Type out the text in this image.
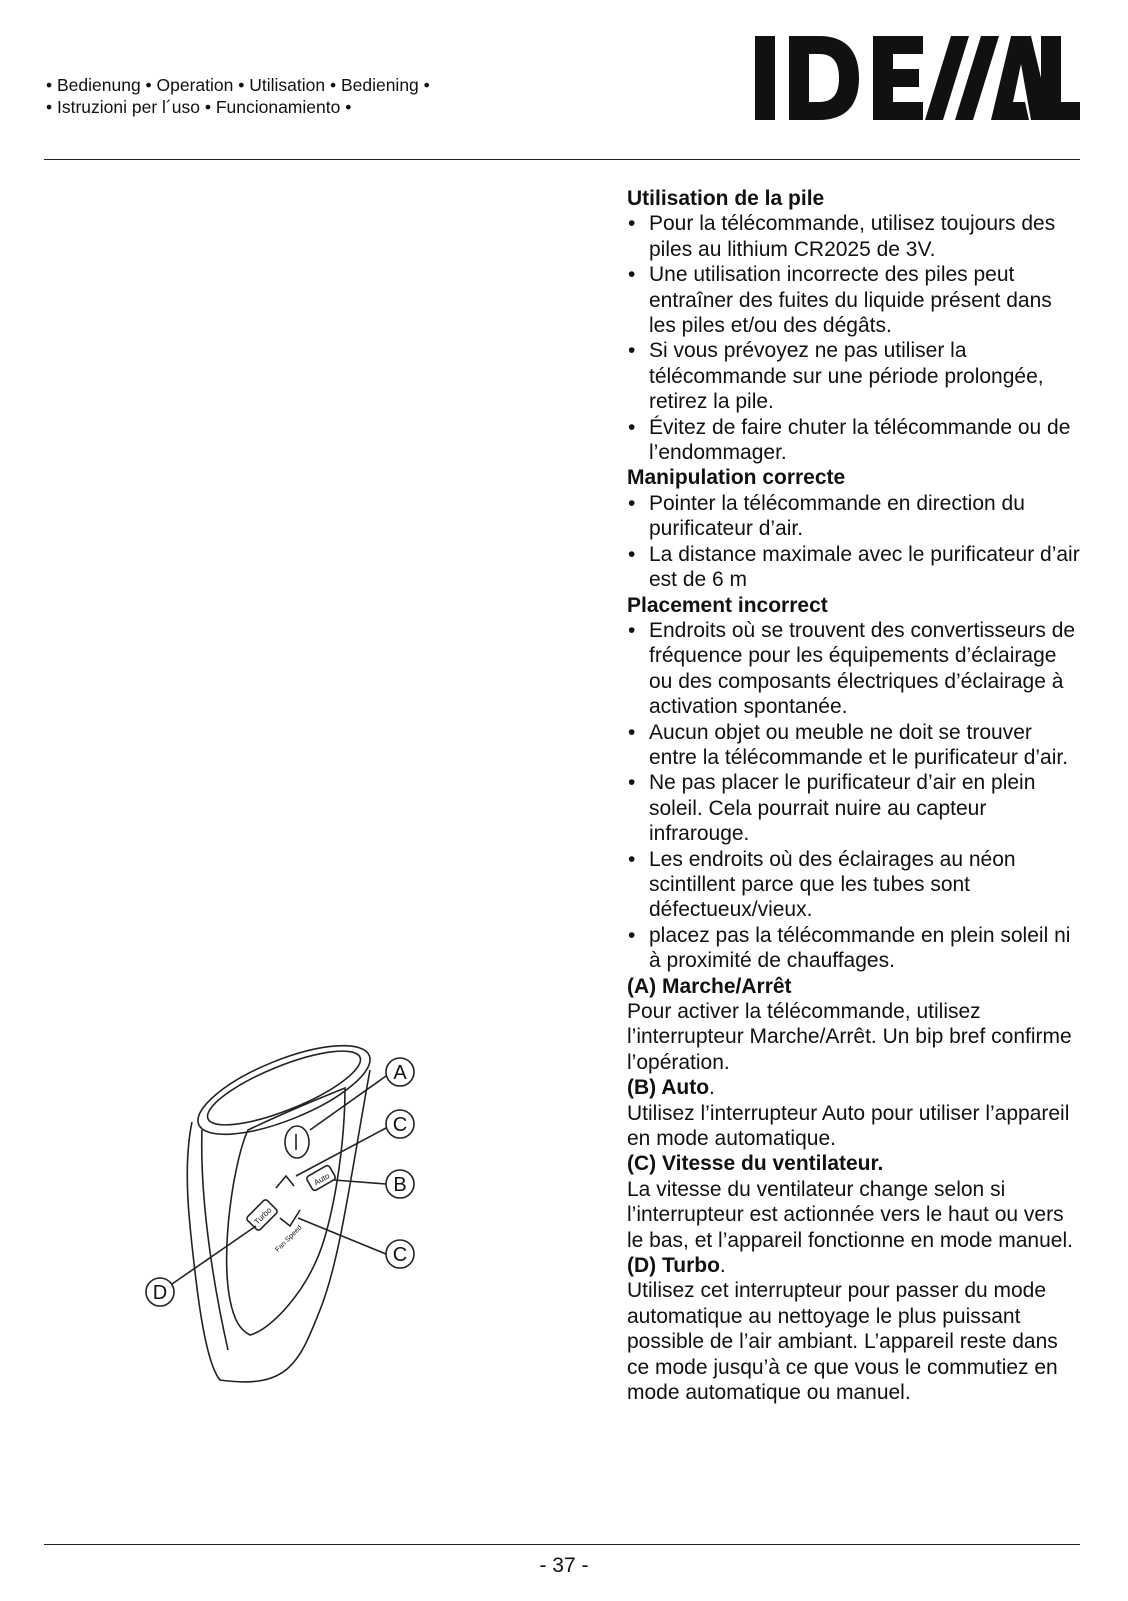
• Bedienung • Operation • Utilisation • Bediening •
• Istruzioni per l´uso • Funcionamiento •
A
C
B
C
D
Auto
Turbo
Fan Speed
Utilisation de la pile
• Pour la télécommande, utilisez toujours des piles au lithium CR2025 de 3V.
• Une utilisation incorrecte des piles peut entraîner des fuites du liquide présent dans les piles et/ou des dégâts.
• Si vous prévoyez ne pas utiliser la télécommande sur une période prolongée, retirez la pile.
• Évitez de faire chuter la télécommande ou de l’endommager.
Manipulation correcte
• Pointer la télécommande en direction du purificateur d’air.
• La distance maximale avec le purificateur d’air est de 6 m
Placement incorrect
• Endroits où se trouvent des convertisseurs de fréquence pour les équipements d’éclairage ou des composants électriques d’éclairage à activation spontanée.
• Aucun objet ou meuble ne doit se trouver entre la télécommande et le purificateur d’air.
• Ne pas placer le purificateur d’air en plein soleil. Cela pourrait nuire au capteur infrarouge.
• Les endroits où des éclairages au néon scintillent parce que les tubes sont défectueux/vieux.
• placez pas la télécommande en plein soleil ni à proximité de chauffages.
(A) Marche/Arrêt

Pour activer la télécommande, utilisez l’interrupteur Marche/Arrêt. Un bip bref confirme l’opération.

(B) Auto.

Utilisez l’interrupteur Auto pour utiliser l’appareil en mode automatique.

(C) Vitesse du ventilateur.

La vitesse du ventilateur change selon si l’interrupteur est actionnée vers le haut ou vers le bas, et l’appareil fonctionne en mode manuel.

(D) Turbo.

Utilisez cet interrupteur pour passer du mode automatique au nettoyage le plus puissant possible de l’air ambiant. L’appareil reste dans ce mode jusqu’à ce que vous le commutiez en mode automatique ou manuel.

- 37 -
